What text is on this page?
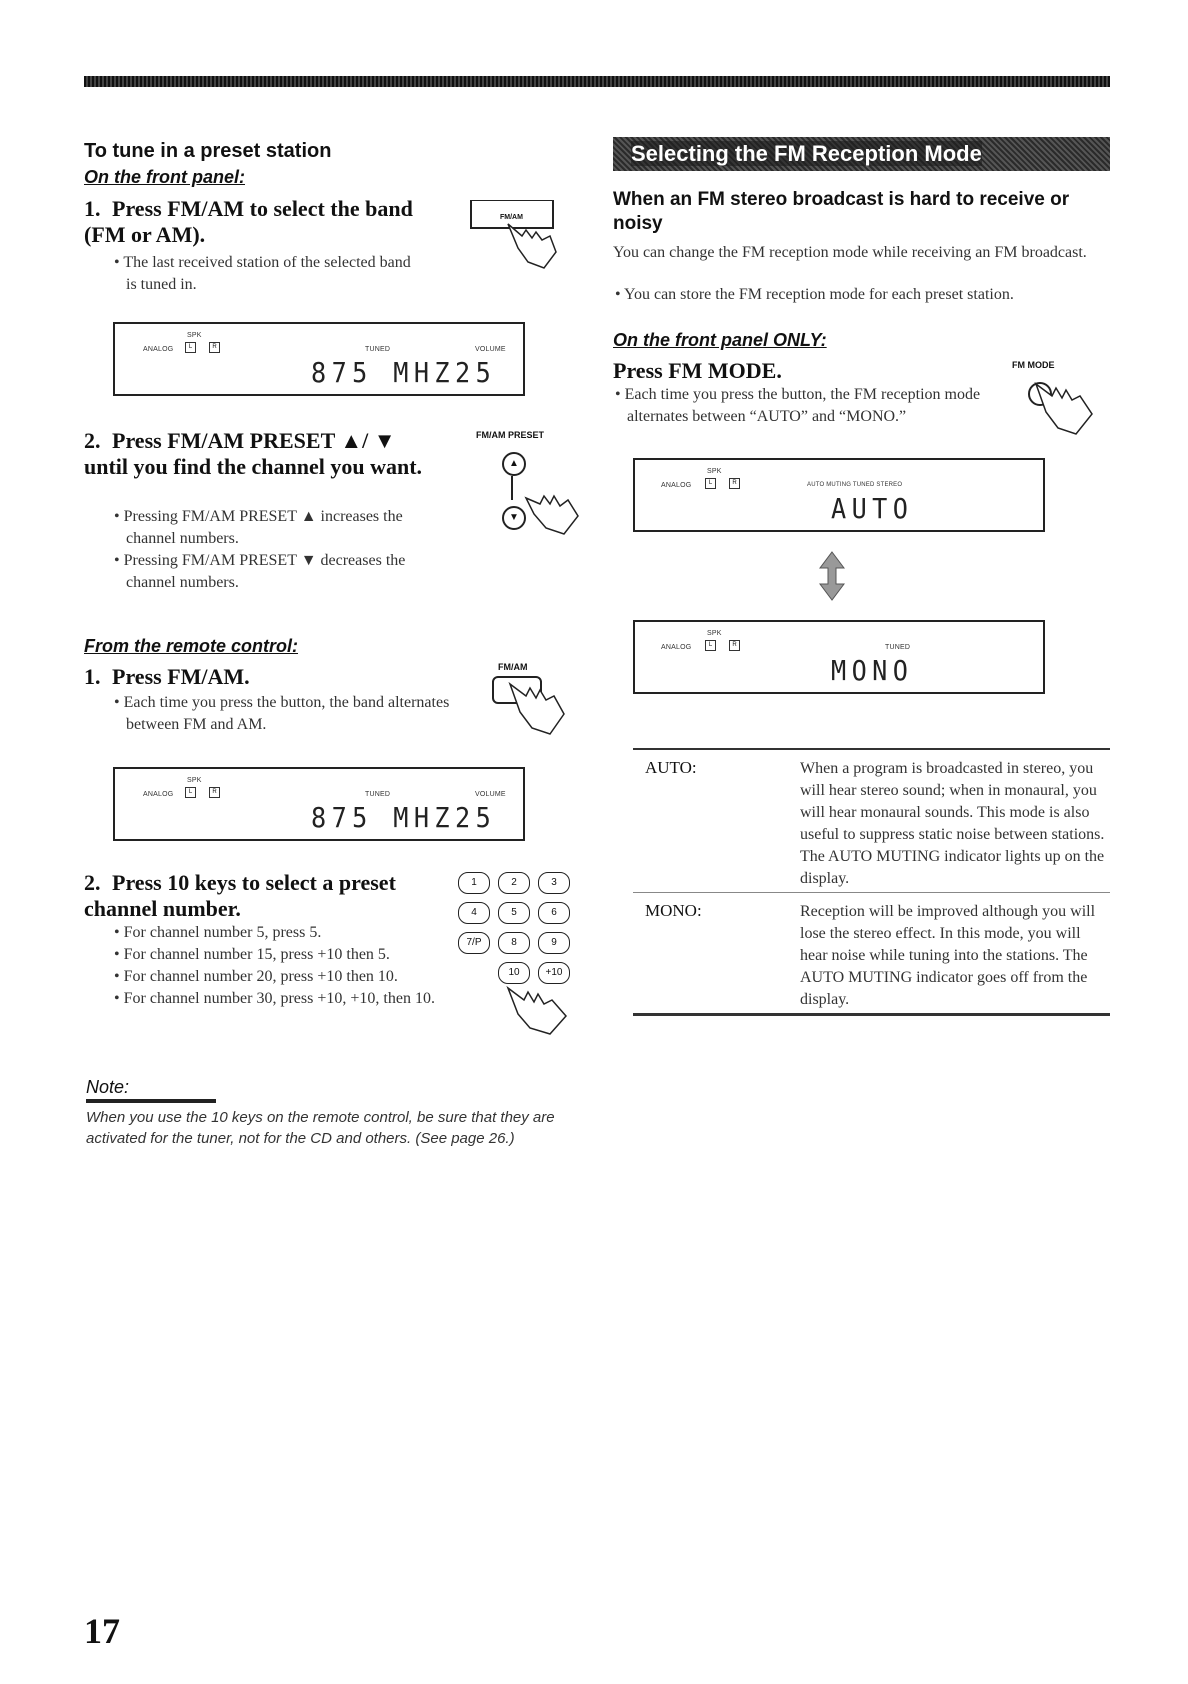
To tune in a preset station
On the front panel:
1. Press FM/AM to select the band (FM or AM).
• The last received station of the selected band is tuned in.
FM/AM
ANALOG
SPK
L	R	TUNED	VOLUME
875 MHZ25
2. Press FM/AM PRESET ▲/ ▼ until you find the channel you want.
• Pressing FM/AM PRESET ▲ increases the channel numbers.
• Pressing FM/AM PRESET ▼ decreases the channel numbers.
FM/AM PRESET
▲
▼
From the remote control:
1. Press FM/AM.
• Each time you press the button, the band alternates between FM and AM.
FM/AM
ANALOG
SPK
L	R	TUNED	VOLUME
875 MHZ25
2. Press 10 keys to select a preset channel number.
• For channel number 5, press 5.
• For channel number 15, press +10 then 5.
• For channel number 20, press +10 then 10.
• For channel number 30, press +10, +10, then 10.
1	2	3
4	5	6
7/P	8	9
10	+10
Selecting the FM Reception Mode
When an FM stereo broadcast is hard to receive or noisy
You can change the FM reception mode while receiving an FM broadcast.
• You can store the FM reception mode for each preset station.
On the front panel ONLY:
Press FM MODE.
• Each time you press the button, the FM reception mode alternates between “AUTO” and “MONO.”
FM MODE
ANALOG
SPK
L	R	AUTO MUTING TUNED STEREO
AUTO
ANALOG
SPK
L	R	TUNED
MONO
AUTO:	When a program is broadcasted in stereo, you will hear stereo sound; when in monaural, you will hear monaural sounds. This mode is also useful to suppress static noise between stations. The AUTO MUTING indicator lights up on the display.
MONO:	Reception will be improved although you will lose the stereo effect. In this mode, you will hear noise while tuning into the stations. The AUTO MUTING indicator goes off from the display.
Note:
When you use the 10 keys on the remote control, be sure that they are activated for the tuner, not for the CD and others. (See page 26.)
17
